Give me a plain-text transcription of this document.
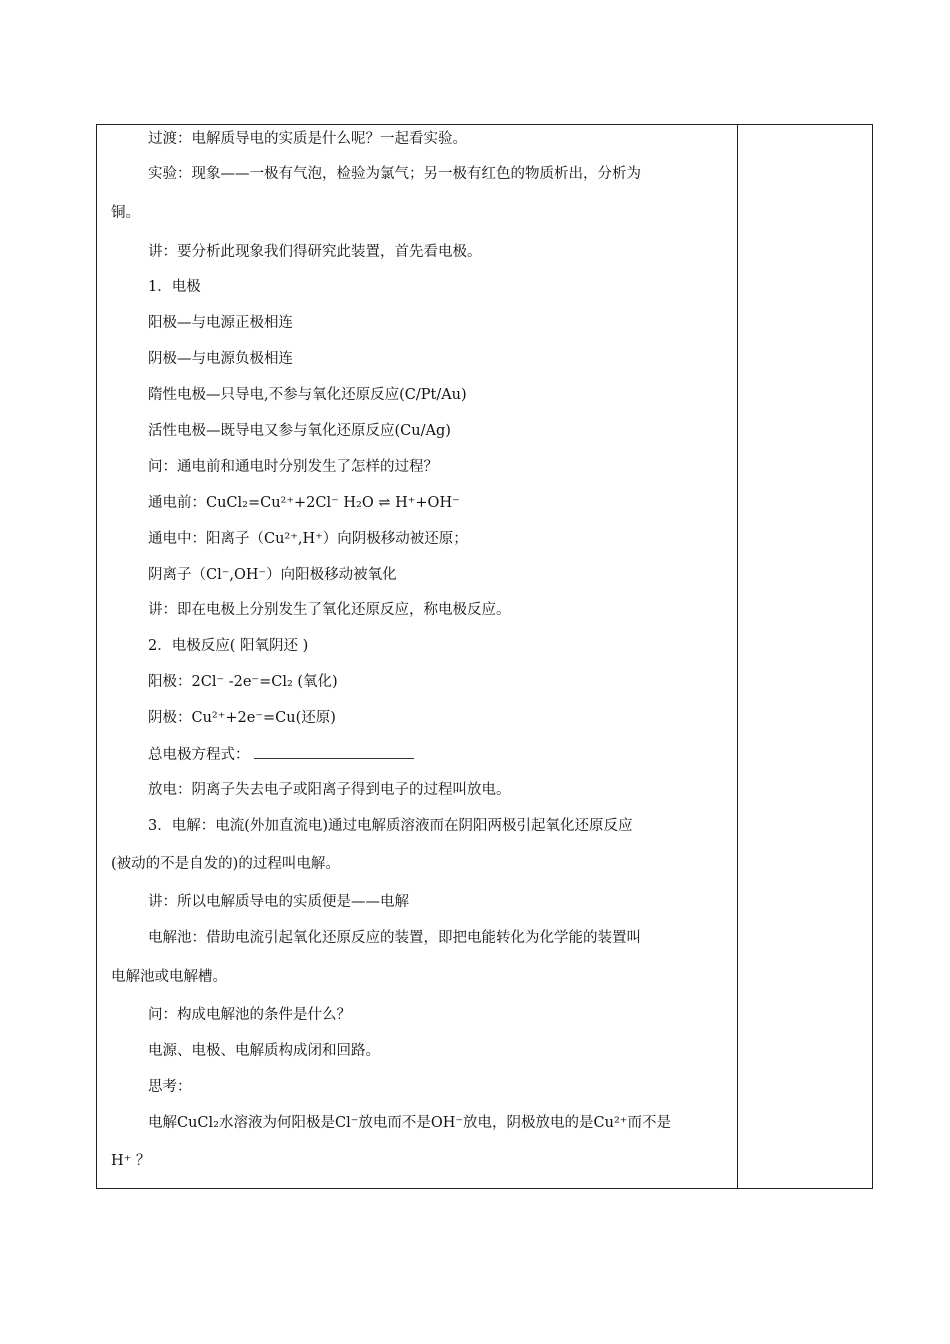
过渡：电解质导电的实质是什么呢？一起看实验。
实验：现象——一极有气泡，检验为氯气；另一极有红色的物质析出，分析为
铜。
讲：要分析此现象我们得研究此装置，首先看电极。
1．电极
阳极—与电源正极相连
阴极—与电源负极相连
隋性电极—只导电,不参与氧化还原反应(C/Pt/Au)
活性电极—既导电又参与氧化还原反应(Cu/Ag)
问：通电前和通电时分别发生了怎样的过程？
通电前：CuCl₂=Cu²⁺+2Cl⁻ H₂O ⇌ H⁺+OH⁻
通电中：阳离子（Cu²⁺,H⁺）向阴极移动被还原；
阴离子（Cl⁻,OH⁻）向阳极移动被氧化
讲：即在电极上分别发生了氧化还原反应，称电极反应。
2．电极反应( 阳氧阴还 )
阳极：2Cl⁻ -2e⁻=Cl₂ (氧化)
阴极：Cu²⁺+2e⁻=Cu(还原)
总电极方程式：
放电：阴离子失去电子或阳离子得到电子的过程叫放电。
3．电解：电流(外加直流电)通过电解质溶液而在阴阳两极引起氧化还原反应
(被动的不是自发的)的过程叫电解。
讲：所以电解质导电的实质便是——电解
电解池：借助电流引起氧化还原反应的装置，即把电能转化为化学能的装置叫
电解池或电解槽。
问：构成电解池的条件是什么？
电源、电极、电解质构成闭和回路。
思考：
电解CuCl₂水溶液为何阳极是Cl⁻放电而不是OH⁻放电，阴极放电的是Cu²⁺而不是
H⁺ ？
